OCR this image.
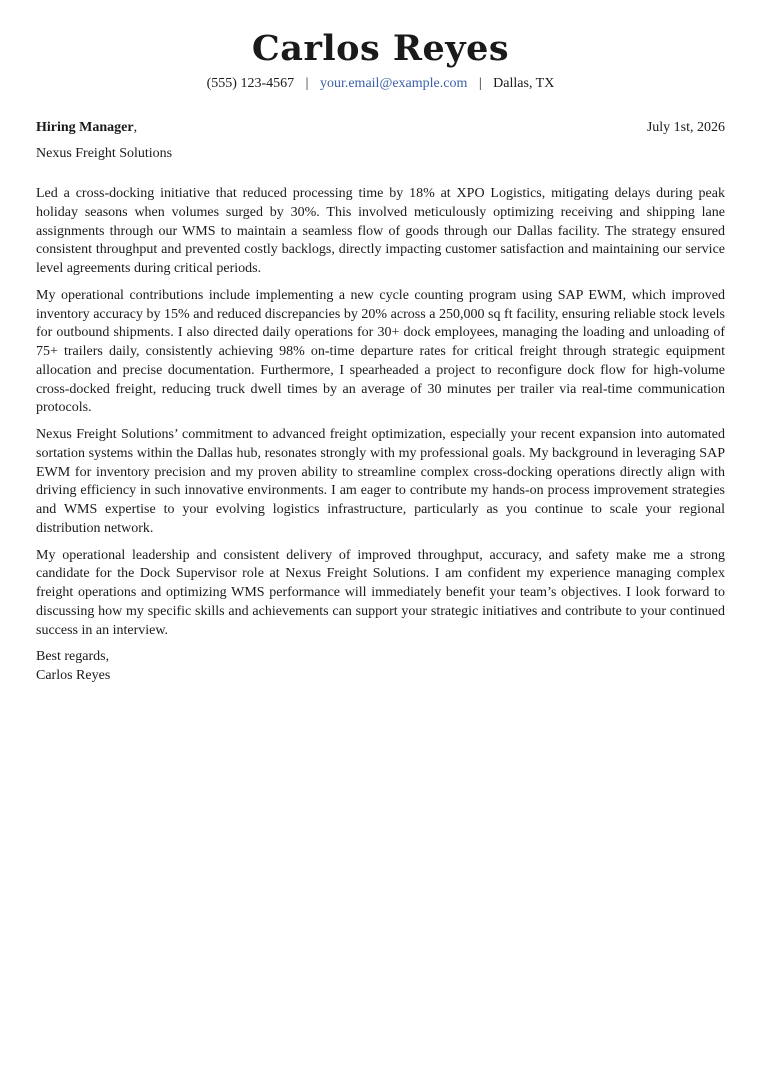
Carlos Reyes
(555) 123-4567 | your.email@example.com | Dallas, TX
Hiring Manager,	July 1st, 2026
Nexus Freight Solutions

Led a cross-docking initiative that reduced processing time by 18% at XPO Logistics, mitigating delays during peak holiday seasons when volumes surged by 30%. This involved meticulously optimizing receiving and shipping lane assignments through our WMS to maintain a seamless flow of goods through our Dallas facility. The strategy ensured consistent throughput and prevented costly backlogs, directly impacting customer satisfaction and maintaining our service level agreements during critical periods.

My operational contributions include implementing a new cycle counting program using SAP EWM, which improved inventory accuracy by 15% and reduced discrepancies by 20% across a 250,000 sq ft facility, ensuring reliable stock levels for outbound shipments. I also directed daily operations for 30+ dock employees, managing the loading and unloading of 75+ trailers daily, consistently achieving 98% on-time departure rates for critical freight through strategic equipment allocation and precise documentation. Furthermore, I spearheaded a project to reconfigure dock flow for high-volume cross-docked freight, reducing truck dwell times by an average of 30 minutes per trailer via real-time communication protocols.

Nexus Freight Solutions’ commitment to advanced freight optimization, especially your recent expansion into automated sortation systems within the Dallas hub, resonates strongly with my professional goals. My background in leveraging SAP EWM for inventory precision and my proven ability to streamline complex cross-docking operations directly align with driving efficiency in such innovative environments. I am eager to contribute my hands-on process improvement strategies and WMS expertise to your evolving logistics infrastructure, particularly as you continue to scale your regional distribution network.

My operational leadership and consistent delivery of improved throughput, accuracy, and safety make me a strong candidate for the Dock Supervisor role at Nexus Freight Solutions. I am confident my experience managing complex freight operations and optimizing WMS performance will immediately benefit your team’s objectives. I look forward to discussing how my specific skills and achievements can support your strategic initiatives and contribute to your continued success in an interview.

Best regards,
Carlos Reyes
